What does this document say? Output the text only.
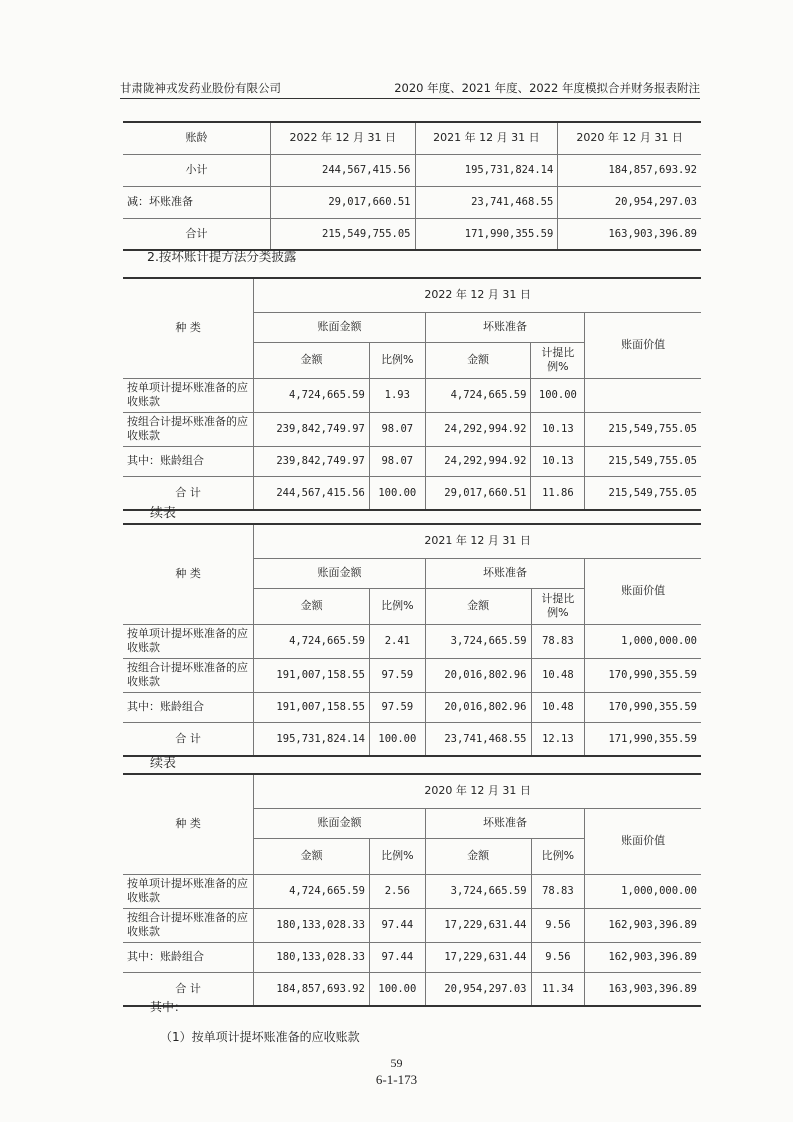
甘肃陇神戎发药业股份有限公司	2020 年度、2021 年度、2022 年度模拟合并财务报表附注
账龄	2022 年 12 月 31 日	2021 年 12 月 31 日	2020 年 12 月 31 日
小计	244,567,415.56	195,731,824.14	184,857,693.92
减：坏账准备	29,017,660.51	23,741,468.55	20,954,297.03
合计	215,549,755.05	171,990,355.59	163,903,396.89
2.按坏账计提方法分类披露
种 类	2022 年 12 月 31 日				
	账面金额		坏账准备		账面价值
	金额	比例%	金额	计提比例%	
按单项计提坏账准备的应收账款	4,724,665.59	1.93	4,724,665.59	100.00	
按组合计提坏账准备的应收账款	239,842,749.97	98.07	24,292,994.92	10.13	215,549,755.05
其中：账龄组合	239,842,749.97	98.07	24,292,994.92	10.13	215,549,755.05
合 计	244,567,415.56	100.00	29,017,660.51	11.86	215,549,755.05
续表
种 类	2021 年 12 月 31 日				
	账面金额		坏账准备		账面价值
	金额	比例%	金额	计提比例%	
按单项计提坏账准备的应收账款	4,724,665.59	2.41	3,724,665.59	78.83	1,000,000.00
按组合计提坏账准备的应收账款	191,007,158.55	97.59	20,016,802.96	10.48	170,990,355.59
其中：账龄组合	191,007,158.55	97.59	20,016,802.96	10.48	170,990,355.59
合 计	195,731,824.14	100.00	23,741,468.55	12.13	171,990,355.59
续表
种 类	2020 年 12 月 31 日				
	账面金额		坏账准备		账面价值
	金额	比例%	金额	比例%	
按单项计提坏账准备的应收账款	4,724,665.59	2.56	3,724,665.59	78.83	1,000,000.00
按组合计提坏账准备的应收账款	180,133,028.33	97.44	17,229,631.44	9.56	162,903,396.89
其中：账龄组合	180,133,028.33	97.44	17,229,631.44	9.56	162,903,396.89
合 计	184,857,693.92	100.00	20,954,297.03	11.34	163,903,396.89
其中：
（1）按单项计提坏账准备的应收账款
59
6-1-173
